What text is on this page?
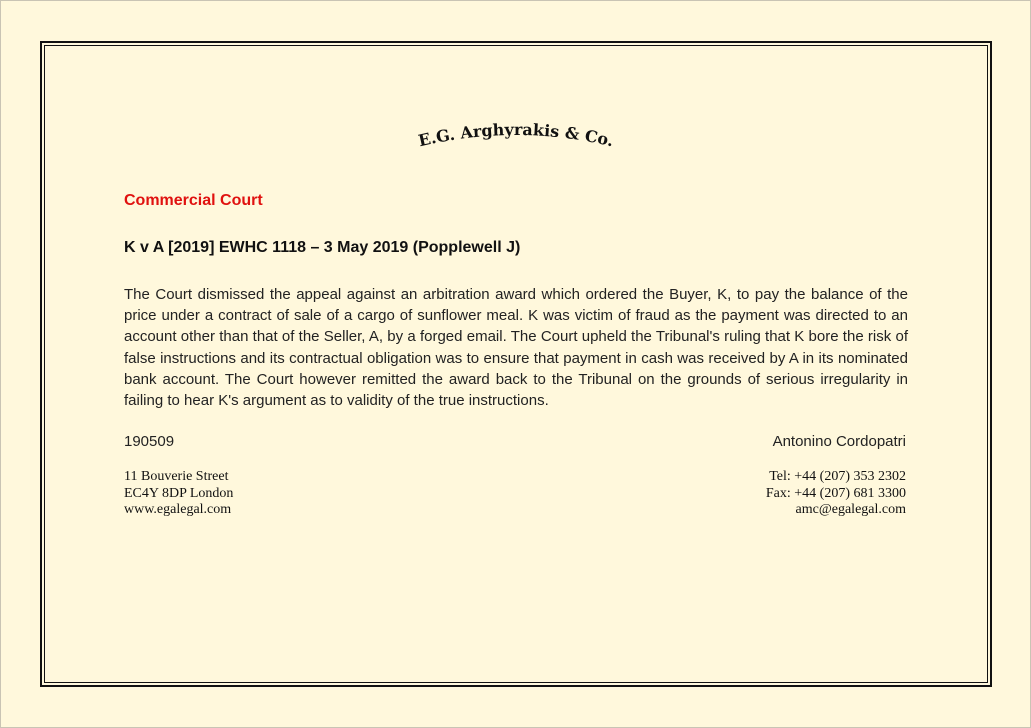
E.G. Arghyrakis & Co.
Commercial Court
K v A [2019] EWHC 1118 – 3 May 2019 (Popplewell J)

The Court dismissed the appeal against an arbitration award which ordered the Buyer, K, to pay the balance of the price under a contract of sale of a cargo of sunflower meal. K was victim of fraud as the payment was directed to an account other than that of the Seller, A, by a forged email. The Court upheld the Tribunal's ruling that K bore the risk of false instructions and its contractual obligation was to ensure that payment in cash was received by A in its nominated bank account. The Court however remitted the award back to the Tribunal on the grounds of serious irregularity in failing to hear K's argument as to validity of the true instructions.

190509	Antonino Cordopatri
11 Bouverie Street
EC4Y 8DP London
www.egalegal.com
Tel: +44 (207) 353 2302
Fax: +44 (207) 681 3300
amc@egalegal.com
